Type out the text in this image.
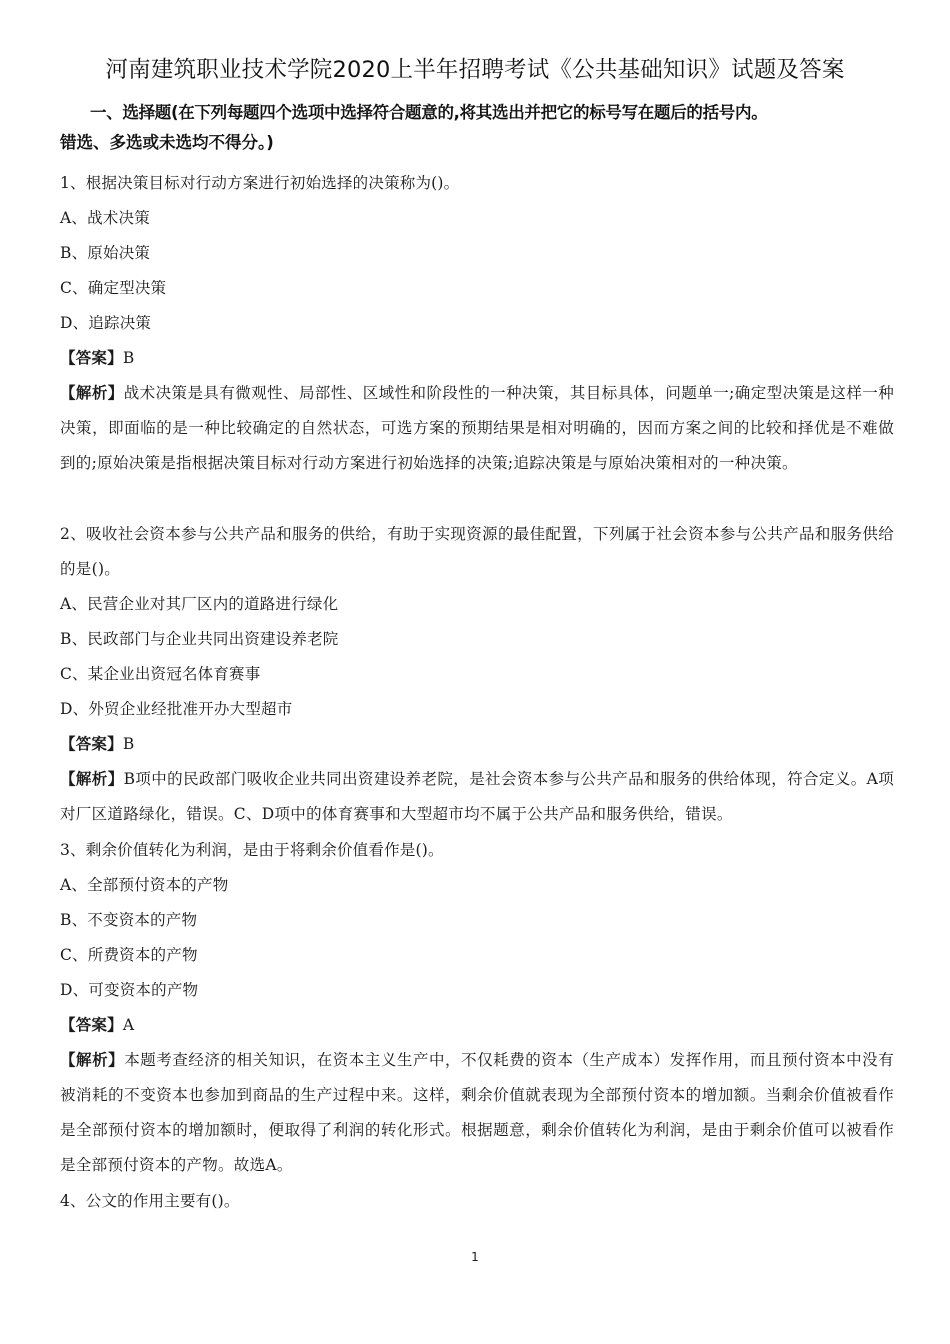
河南建筑职业技术学院2020上半年招聘考试《公共基础知识》试题及答案
一、选择题(在下列每题四个选项中选择符合题意的,将其选出并把它的标号写在题后的括号内。
错选、多选或未选均不得分。)
1、根据决策目标对行动方案进行初始选择的决策称为()。
A、战术决策
B、原始决策
C、确定型决策
D、追踪决策
【答案】B
【解析】战术决策是具有微观性、局部性、区域性和阶段性的一种决策，其目标具体，问题单一;确定型决策是这样一种决策，即面临的是一种比较确定的自然状态，可选方案的预期结果是相对明确的，因而方案之间的比较和择优是不难做到的;原始决策是指根据决策目标对行动方案进行初始选择的决策;追踪决策是与原始决策相对的一种决策。
2、吸收社会资本参与公共产品和服务的供给，有助于实现资源的最佳配置，下列属于社会资本参与公共产品和服务供给的是()。
A、民营企业对其厂区内的道路进行绿化
B、民政部门与企业共同出资建设养老院
C、某企业出资冠名体育赛事
D、外贸企业经批准开办大型超市
【答案】B
【解析】B项中的民政部门吸收企业共同出资建设养老院，是社会资本参与公共产品和服务的供给体现，符合定义。A项对厂区道路绿化，错误。C、D项中的体育赛事和大型超市均不属于公共产品和服务供给，错误。
3、剩余价值转化为利润，是由于将剩余价值看作是()。
A、全部预付资本的产物
B、不变资本的产物
C、所费资本的产物
D、可变资本的产物
【答案】A
【解析】本题考查经济的相关知识，在资本主义生产中，不仅耗费的资本（生产成本）发挥作用，而且预付资本中没有被消耗的不变资本也参加到商品的生产过程中来。这样，剩余价值就表现为全部预付资本的增加额。当剩余价值被看作是全部预付资本的增加额时，便取得了利润的转化形式。根据题意，剩余价值转化为利润，是由于剩余价值可以被看作是全部预付资本的产物。故选A。
4、公文的作用主要有()。
1
